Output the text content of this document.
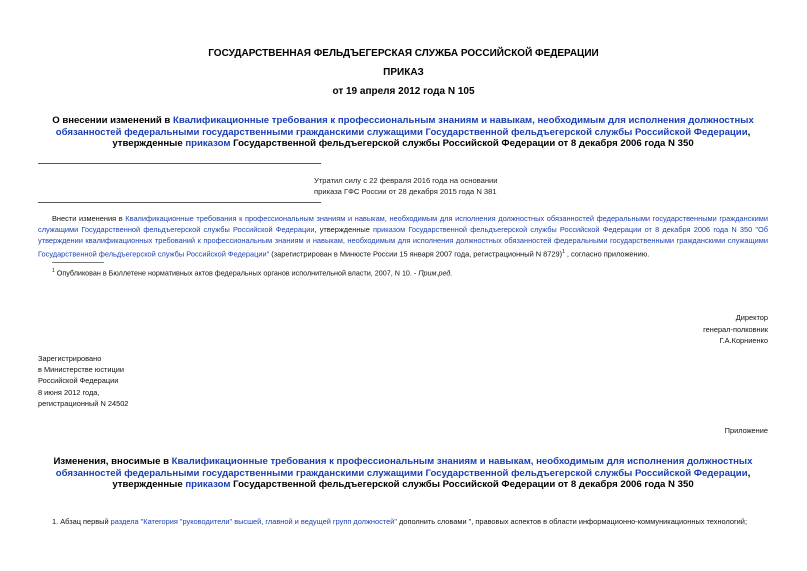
ГОСУДАРСТВЕННАЯ ФЕЛЬДЪЕГЕРСКАЯ СЛУЖБА РОССИЙСКОЙ ФЕДЕРАЦИИ
ПРИКАЗ
от 19 апреля 2012 года N 105
О внесении изменений в Квалификационные требования к профессиональным знаниям и навыкам, необходимым для исполнения должностных обязанностей федеральными государственными гражданскими служащими Государственной фельдъегерской службы Российской Федерации, утвержденные приказом Государственной фельдъегерской службы Российской Федерации от 8 декабря 2006 года N 350
Утратил силу с 22 февраля 2016 года на основании
приказа ГФС России от 28 декабря 2015 года N 381
Внести изменения в Квалификационные требования к профессиональным знаниям и навыкам, необходимым для исполнения должностных обязанностей федеральными государственными гражданскими служащими Государственной фельдъегерской службы Российской Федерации, утвержденные приказом Государственной фельдъегерской службы Российской Федерации от 8 декабря 2006 года N 350 "Об утверждении квалификационных требований к профессиональным знаниям и навыкам, необходимым для исполнения должностных обязанностей федеральными государственными гражданскими служащими Государственной фельдъегерской службы Российской Федерации" (зарегистрирован в Минюсте России 15 января 2007 года, регистрационный N 8729)$^1$ , согласно приложению.
$^1$ Опубликован в Бюллетене нормативных актов федеральных органов исполнительной власти, 2007, N 10. - Прим.ред.
Директор
генерал-полковник
Г.А.Корниенко
Зарегистрировано
в Министерстве юстиции
Российской Федерации
8 июня 2012 года,
регистрационный N 24502
Приложение
Изменения, вносимые в Квалификационные требования к профессиональным знаниям и навыкам, необходимым для исполнения должностных обязанностей федеральными государственными гражданскими служащими Государственной фельдъегерской службы Российской Федерации, утвержденные приказом Государственной фельдъегерской службы Российской Федерации от 8 декабря 2006 года N 350
1. Абзац первый раздела "Категория "руководители" высшей, главной и ведущей групп должностей" дополнить словами ", правовых аспектов в области информационно-коммуникационных технологий;
